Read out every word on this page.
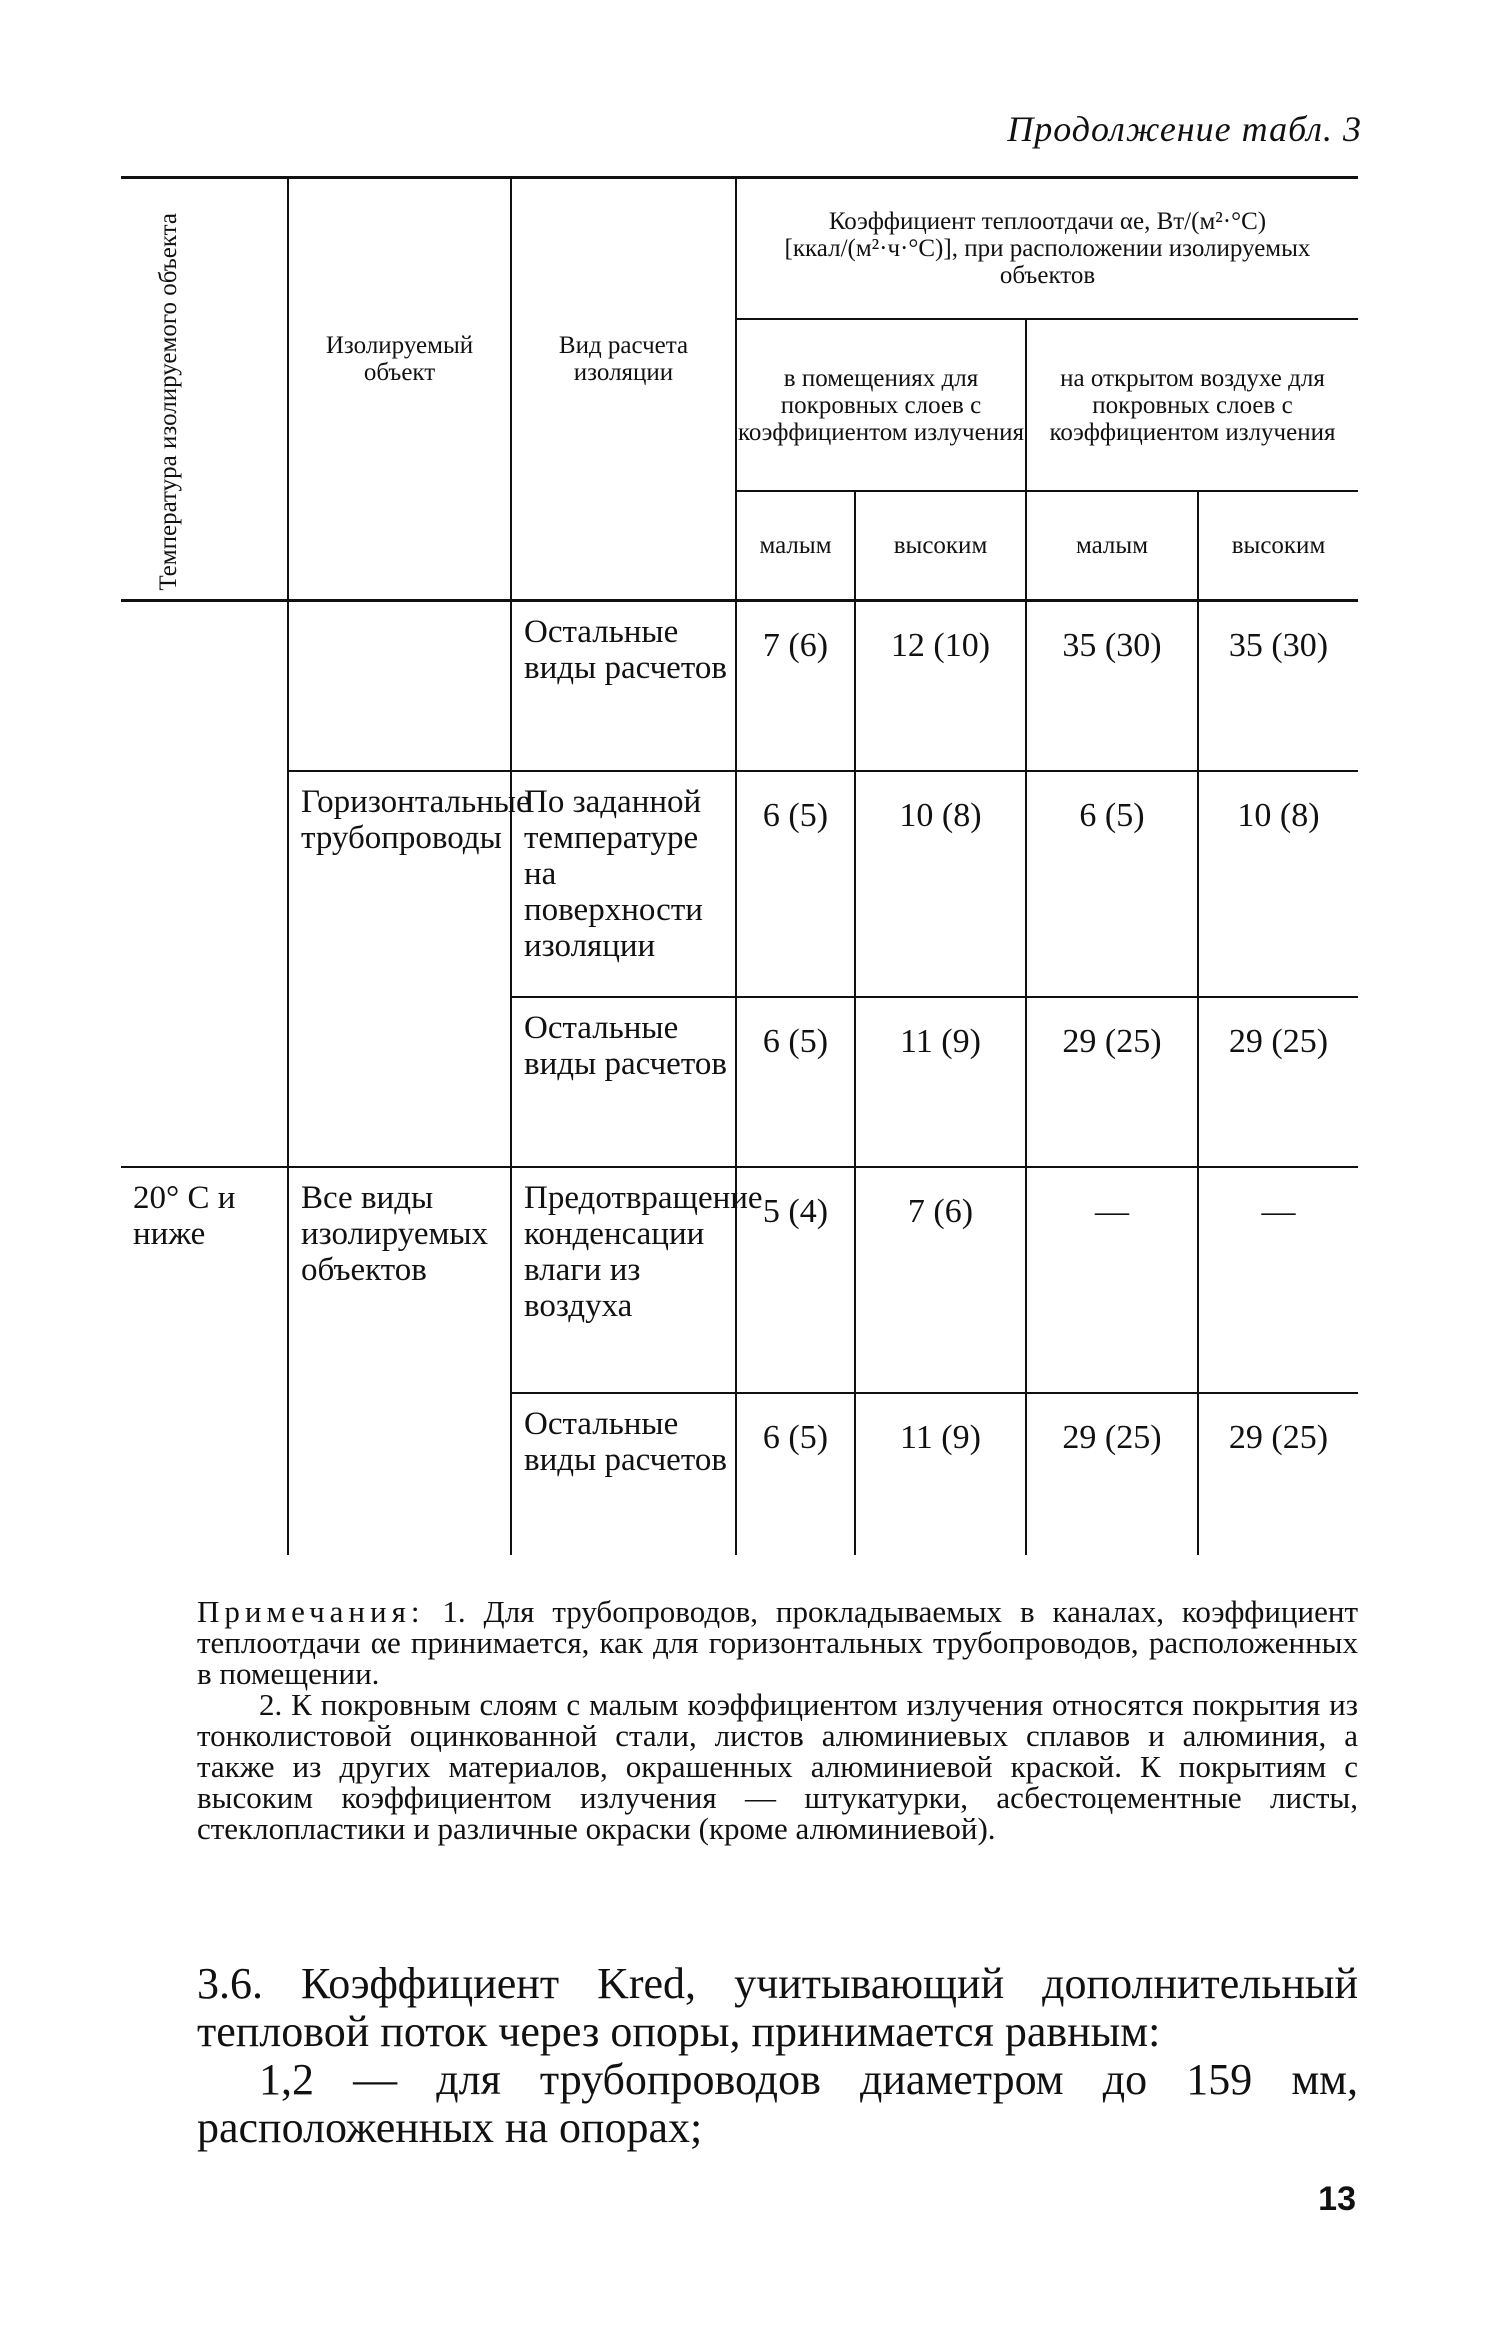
Продолжение табл. 3
Температура изолируемого объекта	Изолируемый объект	Вид расчета изоляции	Коэффициент теплоотдачи αe, Вт/(м²·°С) [ккал/(м²·ч·°С)], при расположении изолируемых объектов			
			в помещениях для покровных слоев с коэффициентом излучения		на открытом воздухе для покровных слоев с коэффициентом излучения	
			малым	высоким	малым	высоким
		Остальные виды расчетов	7 (6)	12 (10)	35 (30)	35 (30)
	Горизонтальные трубопроводы	По заданной температуре на поверхности изоляции	6 (5)	10 (8)	6 (5)	10 (8)
		Остальные виды расчетов	6 (5)	11 (9)	29 (25)	29 (25)
20° С и ниже	Все виды изолируемых объектов	Предотвращение конденсации влаги из воздуха	5 (4)	7 (6)	—	—
		Остальные виды расчетов	6 (5)	11 (9)	29 (25)	29 (25)

Примечания: 1. Для трубопроводов, прокладываемых в каналах, коэффициент теплоотдачи αe принимается, как для горизонтальных трубопроводов, расположенных в помещении.

2. К покровным слоям с малым коэффициентом излучения относятся покрытия из тонколистовой оцинкованной стали, листов алюминиевых сплавов и алюминия, а также из других материалов, окрашенных алюминиевой краской. К покрытиям с высоким коэффициентом излучения — штукатурки, асбестоцементные листы, стеклопластики и различные окраски (кроме алюминиевой).

3.6. Коэффициент Kred, учитывающий дополнительный тепловой поток через опоры, принимается равным:

1,2 — для трубопроводов диаметром до 159 мм, расположенных на опорах;

13
